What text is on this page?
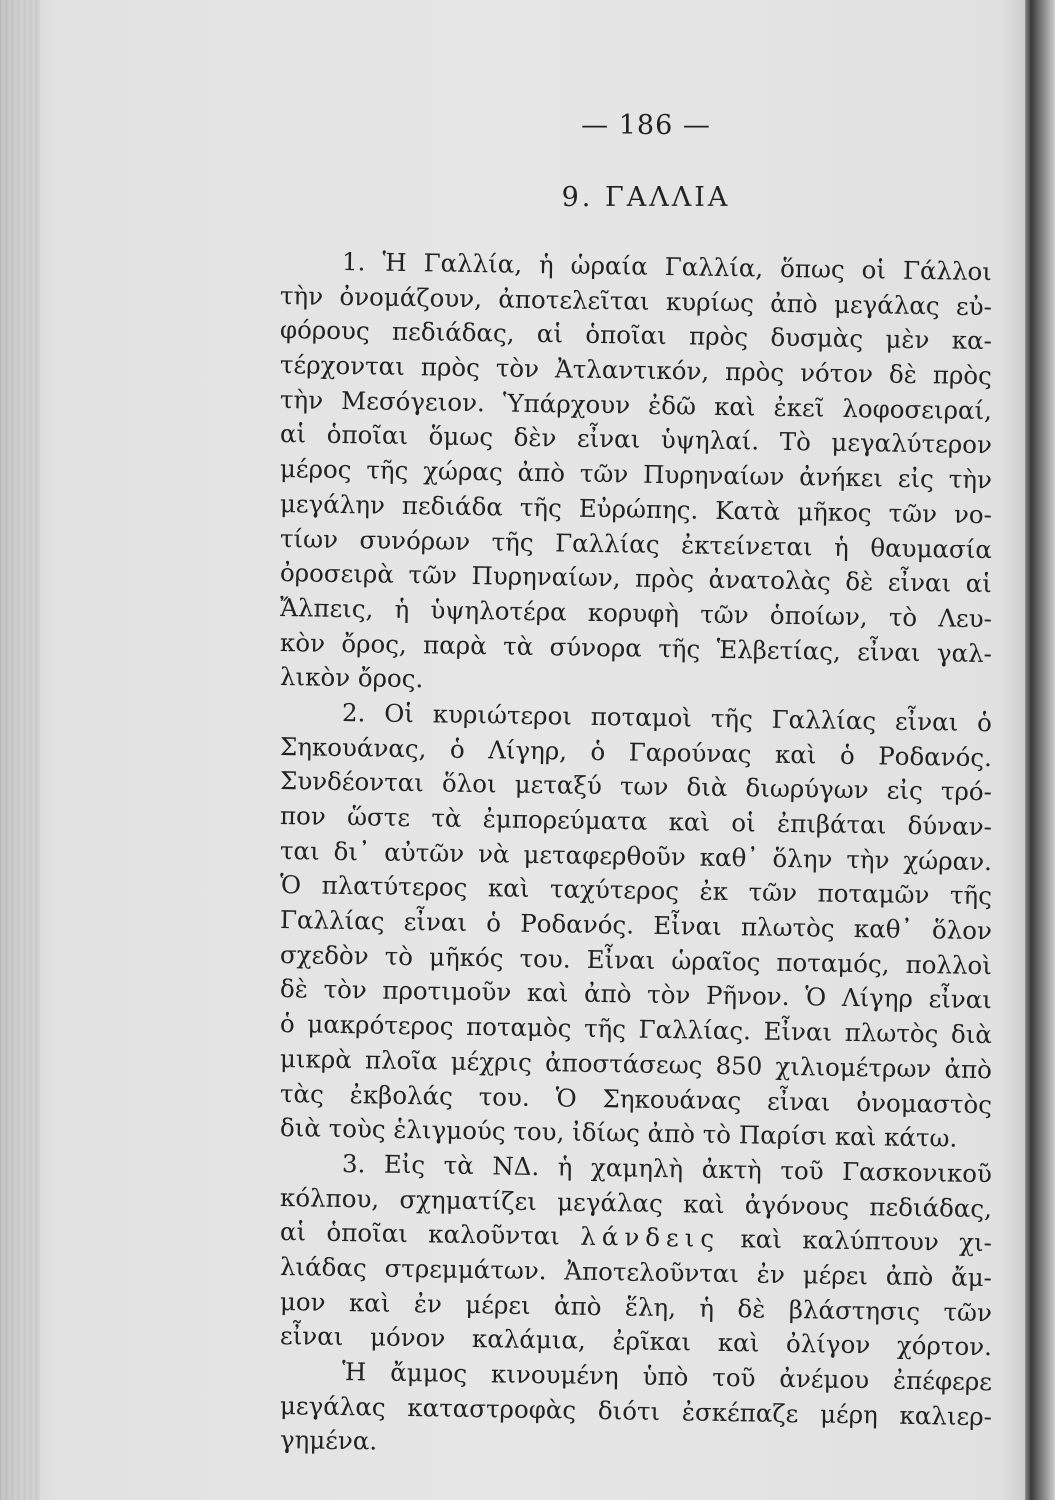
— 186 —
9. ΓΑΛΛΙΑ
1. Ἡ Γαλλία, ἡ ὡραία Γαλλία, ὅπως οἱ Γάλλοι
τὴν ὀνομάζουν, ἀποτελεῖται κυρίως ἀπὸ μεγάλας εὐ-
φόρους πεδιάδας, αἱ ὁποῖαι πρὸς δυσμὰς μὲν κα-
τέρχονται πρὸς τὸν Ἀτλαντικόν, πρὸς νότον δὲ πρὸς
τὴν Μεσόγειον. Ὑπάρχουν ἐδῶ καὶ ἐκεῖ λοφοσειραί,
αἱ ὁποῖαι ὅμως δὲν εἶναι ὑψηλαί. Τὸ μεγαλύτερον
μέρος τῆς χώρας ἀπὸ τῶν Πυρηναίων ἀνήκει εἰς τὴν
μεγάλην πεδιάδα τῆς Εὐρώπης. Κατὰ μῆκος τῶν νο-
τίων συνόρων τῆς Γαλλίας ἐκτείνεται ἡ θαυμασία
ὀροσειρὰ τῶν Πυρηναίων, πρὸς ἀνατολὰς δὲ εἶναι αἱ
Ἄλπεις, ἡ ὑψηλοτέρα κορυφὴ τῶν ὁποίων, τὸ Λευ-
κὸν ὄρος, παρὰ τὰ σύνορα τῆς Ἑλβετίας, εἶναι γαλ-
λικὸν ὄρος.
2. Οἱ κυριώτεροι ποταμοὶ τῆς Γαλλίας εἶναι ὁ
Σηκουάνας, ὁ Λίγηρ, ὁ Γαρούνας καὶ ὁ Ροδανός.
Συνδέονται ὅλοι μεταξύ των διὰ διωρύγων εἰς τρό-
πον ὥστε τὰ ἐμπορεύματα καὶ οἱ ἐπιβάται δύναν-
ται δι᾽ αὐτῶν νὰ μεταφερθοῦν καθ᾽ ὅλην τὴν χώραν.
Ὁ πλατύτερος καὶ ταχύτερος ἐκ τῶν ποταμῶν τῆς
Γαλλίας εἶναι ὁ Ροδανός. Εἶναι πλωτὸς καθ᾽ ὅλον
σχεδὸν τὸ μῆκός του. Εἶναι ὡραῖος ποταμός, πολλοὶ
δὲ τὸν προτιμοῦν καὶ ἀπὸ τὸν Ρῆνον. Ὁ Λίγηρ εἶναι
ὁ μακρότερος ποταμὸς τῆς Γαλλίας. Εἶναι πλωτὸς διὰ
μικρὰ πλοῖα μέχρις ἀποστάσεως 850 χιλιομέτρων ἀπὸ
τὰς ἐκβολάς του. Ὁ Σηκουάνας εἶναι ὀνομαστὸς
διὰ τοὺς ἑλιγμούς του, ἰδίως ἀπὸ τὸ Παρίσι καὶ κάτω.
3. Εἰς τὰ ΝΔ. ἡ χαμηλὴ ἀκτὴ τοῦ Γασκονικοῦ
κόλπου, σχηματίζει μεγάλας καὶ ἀγόνους πεδιάδας,
αἱ ὁποῖαι καλοῦνται λάνδεις καὶ καλύπτουν χι-
λιάδας στρεμμάτων. Ἀποτελοῦνται ἐν μέρει ἀπὸ ἄμ-
μον καὶ ἐν μέρει ἀπὸ ἕλη, ἡ δὲ βλάστησις τῶν
εἶναι μόνον καλάμια, ἐρῖκαι καὶ ὀλίγον χόρτον.
Ἡ ἄμμος κινουμένη ὑπὸ τοῦ ἀνέμου ἐπέφερε
μεγάλας καταστροφὰς διότι ἐσκέπαζε μέρη καλιερ-
γημένα.
